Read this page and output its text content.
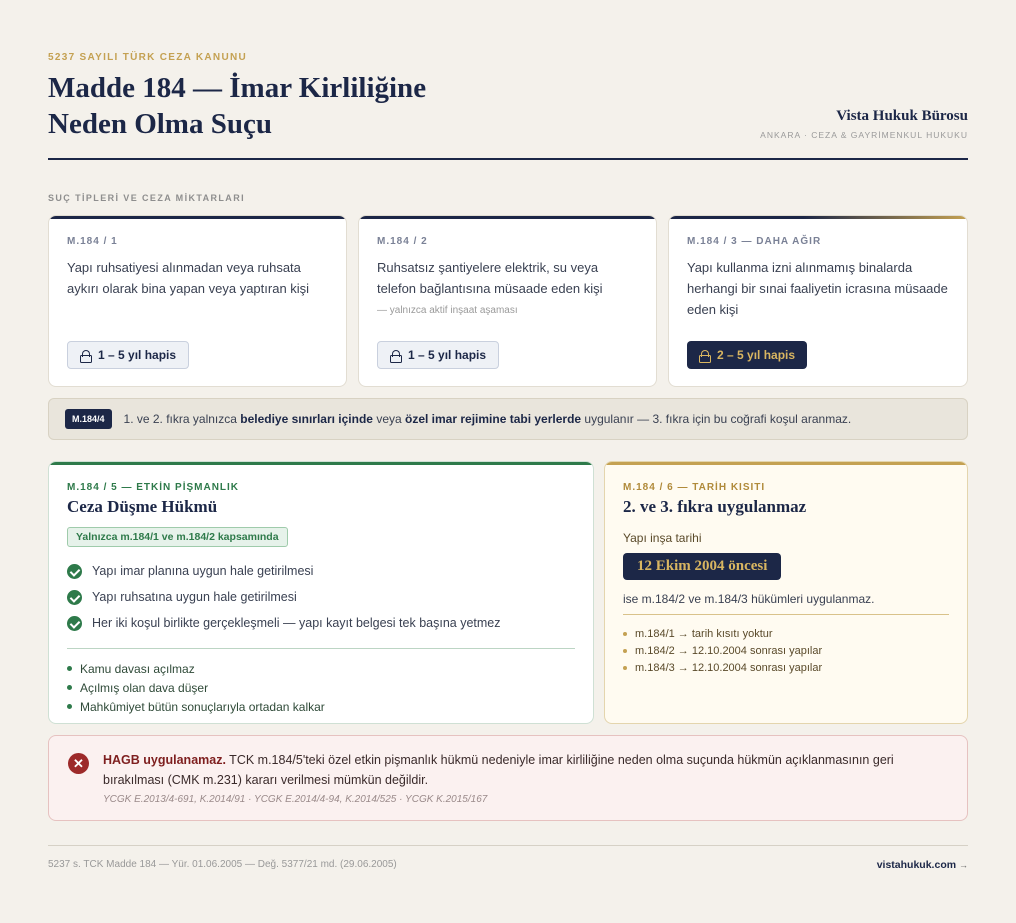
5237 SAYILI TÜRK CEZA KANUNU
Madde 184 — İmar Kirliliğine
Neden Olma Suçu	Vista Hukuk Bürosu
ANKARA · CEZA & GAYRİMENKUL HUKUKU
SUÇ TİPLERİ VE CEZA MİKTARLARI
M.184 / 1
Yapı ruhsatiyesi alınmadan veya ruhsata aykırı olarak bina yapan veya yaptıran kişi
1 – 5 yıl hapis
M.184 / 2
Ruhsatsız şantiyelere elektrik, su veya telefon bağlantısına müsaade eden kişi
— yalnızca aktif inşaat aşaması
1 – 5 yıl hapis
M.184 / 3 — DAHA AĞIR
Yapı kullanma izni alınmamış binalarda herhangi bir sınai faaliyetin icrasına müsaade eden kişi
2 – 5 yıl hapis
M.184/4	1. ve 2. fıkra yalnızca belediye sınırları içinde veya özel imar rejimine tabi yerlerde uygulanır — 3. fıkra için bu coğrafi koşul aranmaz.
M.184 / 5 — ETKİN PİŞMANLIK
Ceza Düşme Hükmü
Yalnızca m.184/1 ve m.184/2 kapsamında
Yapı imar planına uygun hale getirilmesi
Yapı ruhsatına uygun hale getirilmesi
Her iki koşul birlikte gerçekleşmeli — yapı kayıt belgesi tek başına yetmez
Kamu davası açılmaz
Açılmış olan dava düşer
Mahkûmiyet bütün sonuçlarıyla ortadan kalkar
M.184 / 6 — TARİH KISITI
2. ve 3. fıkra uygulanmaz
Yapı inşa tarihi
12 Ekim 2004 öncesi
ise m.184/2 ve m.184/3 hükümleri uygulanmaz.
m.184/1 → tarih kısıtı yoktur
m.184/2 → 12.10.2004 sonrası yapılar
m.184/3 → 12.10.2004 sonrası yapılar
✕	HAGB uygulanamaz. TCK m.184/5'teki özel etkin pişmanlık hükmü nedeniyle imar kirliliğine neden olma suçunda hükmün açıklanmasının geri bırakılması (CMK m.231) kararı verilmesi mümkün değildir.
YCGK E.2013/4-691, K.2014/91 · YCGK E.2014/4-94, K.2014/525 · YCGK K.2015/167
5237 s. TCK Madde 184 — Yür. 01.06.2005 — Değ. 5377/21 md. (29.06.2005)	vistahukuk.com →
